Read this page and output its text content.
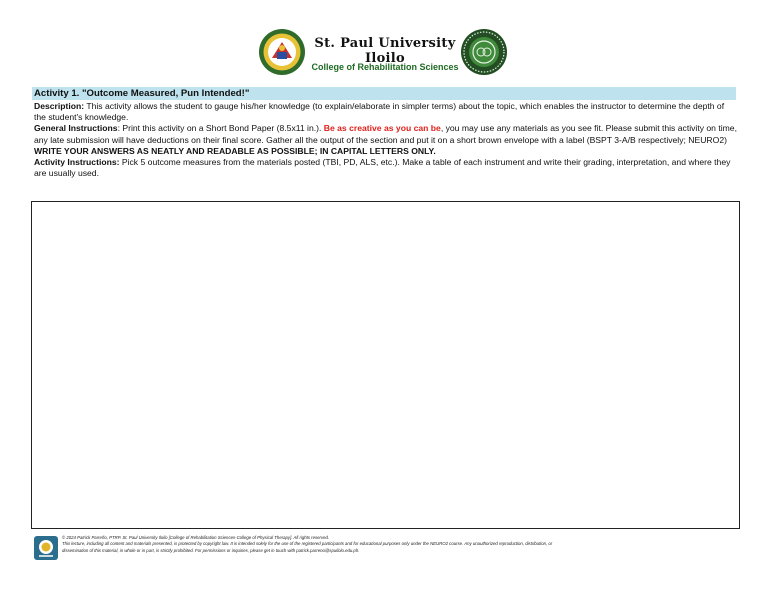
St. Paul University Iloilo
College of Rehabilitation Sciences
Activity 1. "Outcome Measured, Pun Intended!"

Description: This activity allows the student to gauge his/her knowledge (to explain/elaborate in simpler terms) about the topic, which enables the instructor to determine the depth of the student's knowledge.

General Instructions: Print this activity on a Short Bond Paper (8.5x11 in.). Be as creative as you can be, you may use any materials as you see fit. Please submit this activity on time, any late submission will have deductions on their final score. Gather all the output of the section and put it on a short brown envelope with a label (BSPT 3-A/B respectively; NEURO2) WRITE YOUR ANSWERS AS NEATLY AND READABLE AS POSSIBLE; IN CAPITAL LETTERS ONLY.

Activity Instructions: Pick 5 outcome measures from the materials posted (TBI, PD, ALS, etc.). Make a table of each instrument and write their grading, interpretation, and where they are usually used.

© 2024 Patrick Parreño, PTRP. St. Paul University Iloilo [College of Rehabilitation Sciences-College of Physical Therapy]. All rights reserved.

This lecture, including all content and materials presented, is protected by copyright law. It is intended solely for the use of the registered participants and for educational purposes only under the NEURO2 course. Any unauthorized reproduction, distribution, or

dissemination of this material, in whole or in part, is strictly prohibited. For permissions or inquiries, please get in touch with patrick.parreno@spuilolo.edu.ph.
